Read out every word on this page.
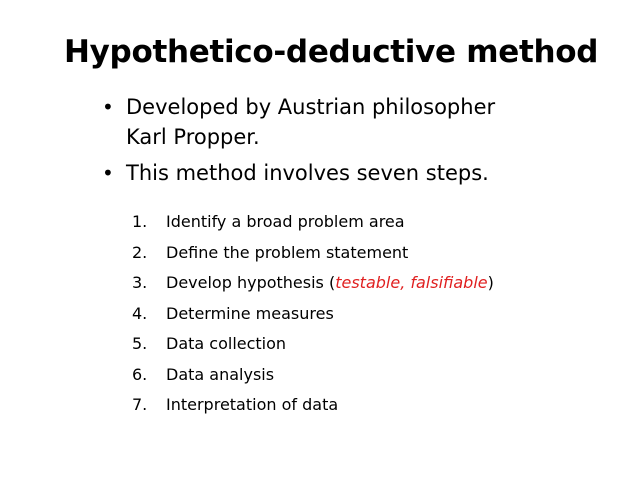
Hypothetico-deductive method
• Developed by Austrian philosopher
Karl Propper.
• This method involves seven steps.
1.	Identify a broad problem area
2.	Define the problem statement
3.	Develop hypothesis (testable, falsifiable)
4.	Determine measures
5.	Data collection
6.	Data analysis
7.	Interpretation of data
